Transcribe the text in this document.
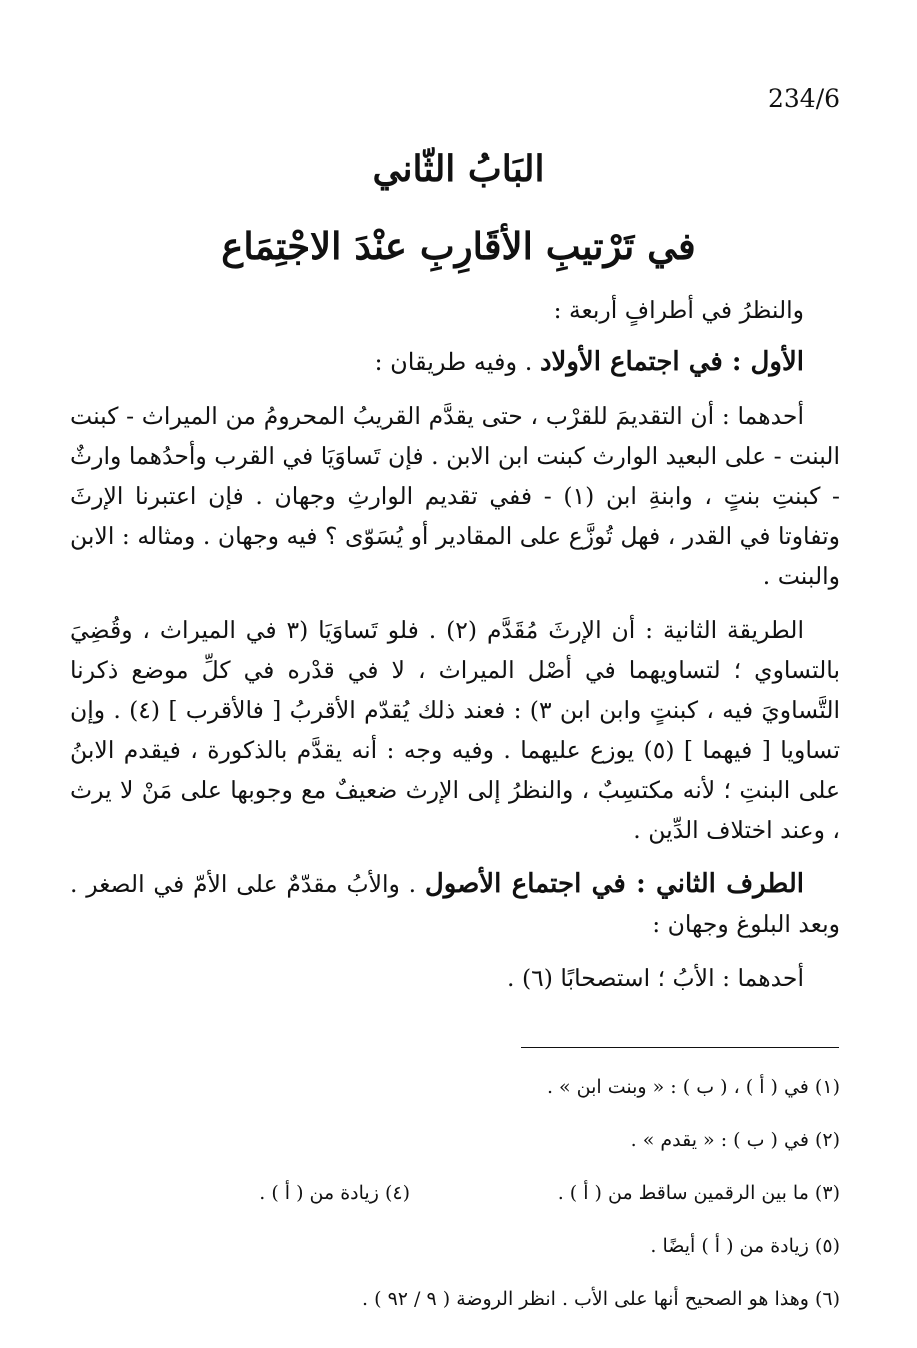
234/6
البَابُ الثّاني
في تَرْتيبِ الأقَارِبِ عنْدَ الاجْتِمَاع

والنظرُ في أطرافٍ أربعة :

الأول : في اجتماع الأولاد . وفيه طريقان :

أحدهما : أن التقديمَ للقرْب ، حتى يقدَّم القريبُ المحرومُ من الميراث - كبنت البنت - على البعيد الوارث كبنت ابن الابن . فإن تَساوَيَا في القرب وأحدُهما وارثٌ - كبنتِ بنتٍ ، وابنةِ ابن (١) - ففي تقديم الوارثِ وجهان . فإن اعتبرنا الإرثَ وتفاوتا في القدر ، فهل تُوزَّع على المقادير أو يُسَوّى ؟ فيه وجهان . ومثاله : الابن والبنت .

الطريقة الثانية : أن الإرثَ مُقَدَّم (٢) . فلو تَساوَيَا (٣ في الميراث ، وقُضِيَ بالتساوي ؛ لتساويهما في أصْل الميراث ، لا في قدْره في كلِّ موضع ذكرنا التَّساويَ فيه ، كبنتٍ وابن ابن ٣) : فعند ذلك يُقدّم الأقربُ [ فالأقرب ] (٤) . وإن تساويا [ فيهما ] (٥) يوزع عليهما . وفيه وجه : أنه يقدَّم بالذكورة ، فيقدم الابنُ على البنتِ ؛ لأنه مكتسِبٌ ، والنظرُ إلى الإرث ضعيفٌ مع وجوبها على مَنْ لا يرث ، وعند اختلاف الدِّين .

الطرف الثاني : في اجتماع الأصول . والأبُ مقدّمٌ على الأمّ في الصغر . وبعد البلوغ وجهان :

أحدهما : الأبُ ؛ استصحابًا (٦) .

(١) في ( أ ) ، ( ب ) : « وبنت ابن » .

(٢) في ( ب ) : « يقدم » .

(٣) ما بين الرقمين ساقط من ( أ ) .

(٤) زيادة من ( أ ) .

(٥) زيادة من ( أ ) أيضًا .

(٦) وهذا هو الصحيح أنها على الأب . انظر الروضة ( ٩ / ٩٢ ) .
